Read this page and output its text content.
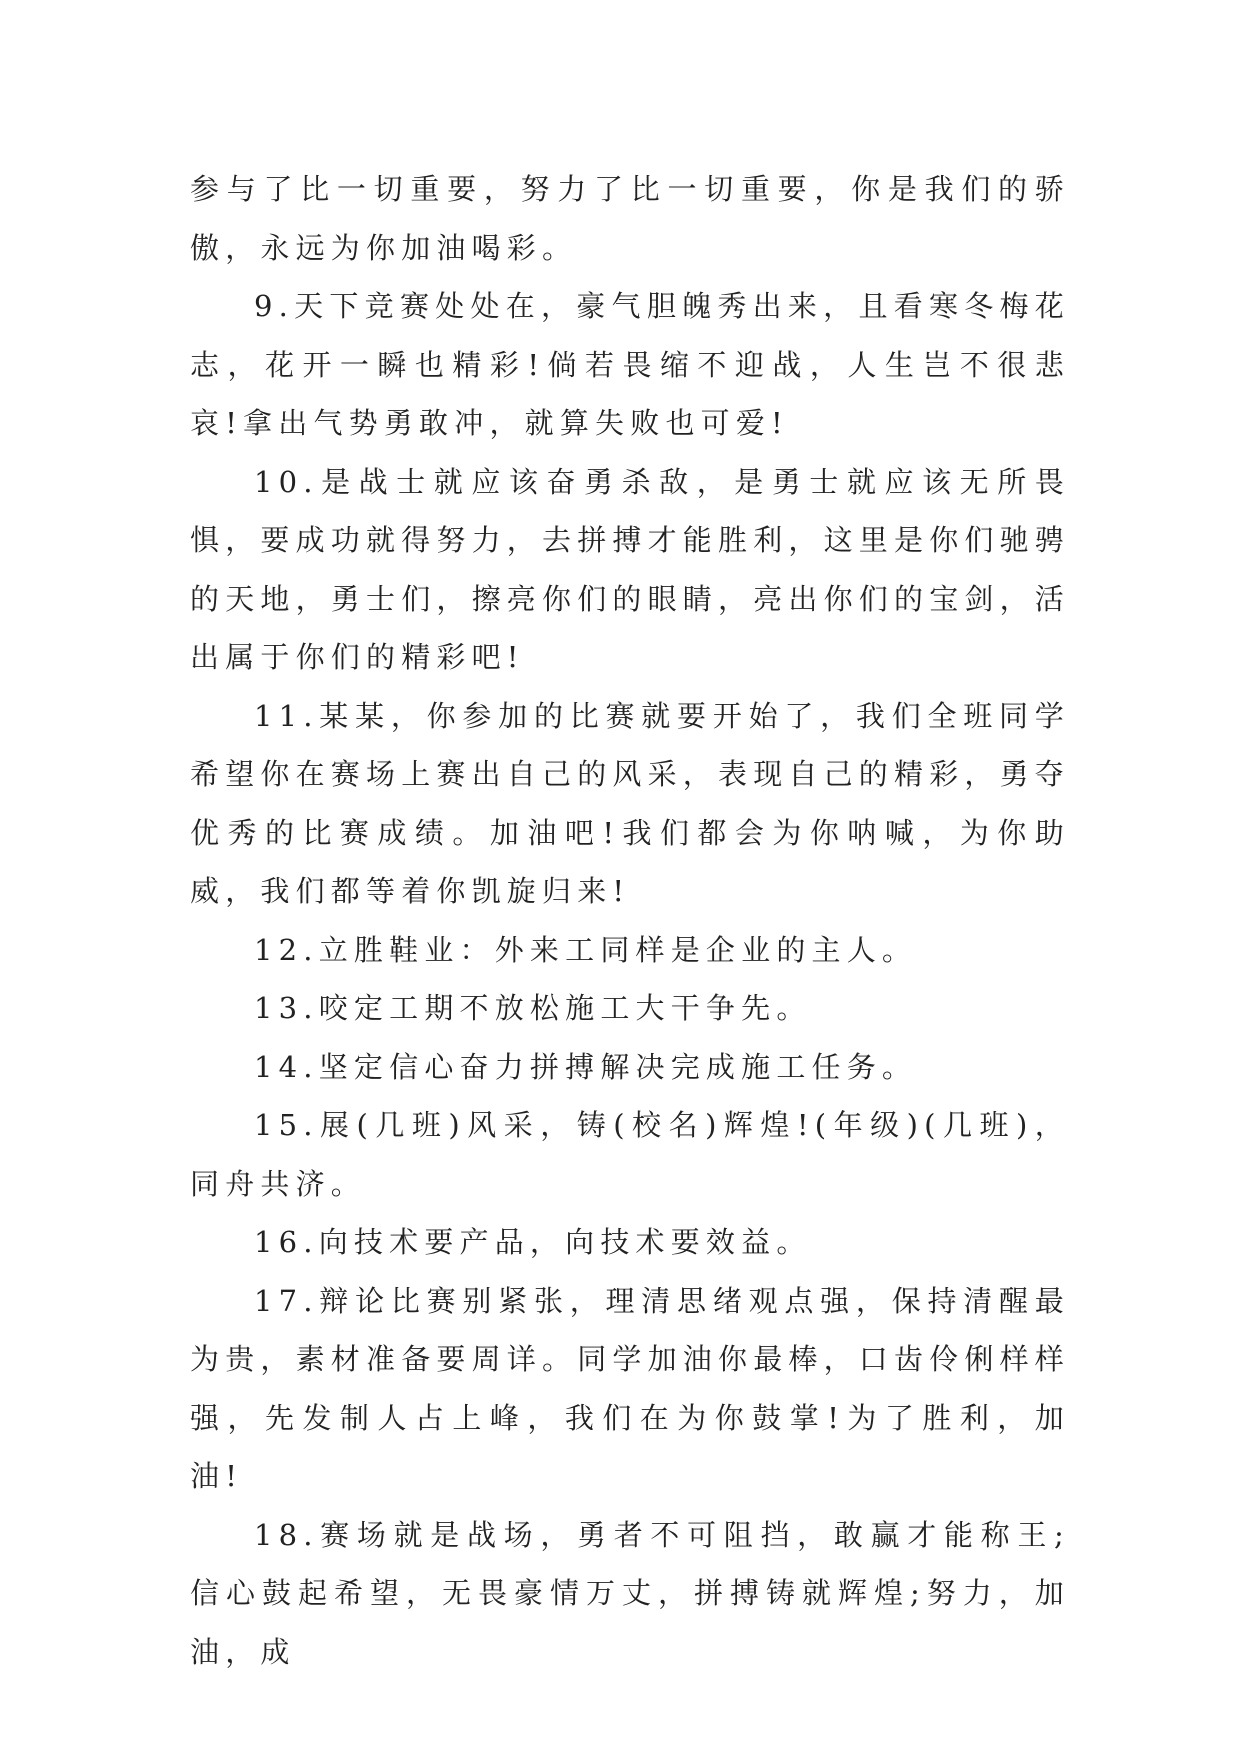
参与了比一切重要，努力了比一切重要，你是我们的骄傲，永远为你加油喝彩。

9.天下竞赛处处在，豪气胆魄秀出来，且看寒冬梅花志，花开一瞬也精彩!倘若畏缩不迎战，人生岂不很悲哀!拿出气势勇敢冲，就算失败也可爱!

10.是战士就应该奋勇杀敌，是勇士就应该无所畏惧，要成功就得努力，去拼搏才能胜利，这里是你们驰骋的天地，勇士们，擦亮你们的眼睛，亮出你们的宝剑，活出属于你们的精彩吧!

11.某某，你参加的比赛就要开始了，我们全班同学希望你在赛场上赛出自己的风采，表现自己的精彩，勇夺优秀的比赛成绩。加油吧!我们都会为你呐喊，为你助威，我们都等着你凯旋归来!

12.立胜鞋业：外来工同样是企业的主人。

13.咬定工期不放松施工大干争先。

14.坚定信心奋力拼搏解决完成施工任务。

15.展(几班)风采，铸(校名)辉煌!(年级)(几班)，同舟共济。

16.向技术要产品，向技术要效益。

17.辩论比赛别紧张，理清思绪观点强，保持清醒最为贵，素材准备要周详。同学加油你最棒，口齿伶俐样样强，先发制人占上峰，我们在为你鼓掌!为了胜利，加油!

18.赛场就是战场，勇者不可阻挡，敢赢才能称王;信心鼓起希望，无畏豪情万丈，拼搏铸就辉煌;努力，加油，成
